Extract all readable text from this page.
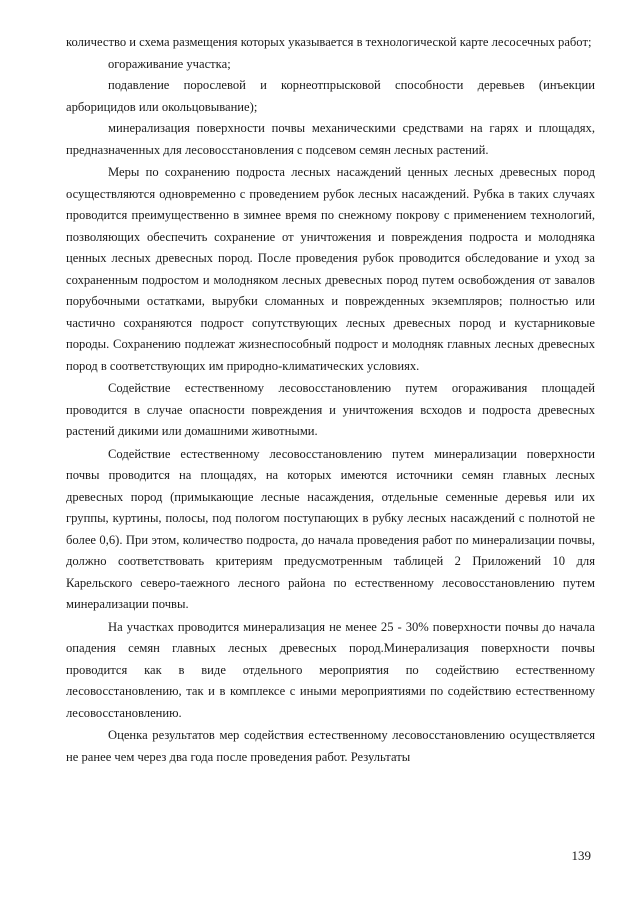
количество и схема размещения которых указывается в технологической карте лесосечных работ;

огораживание участка;

подавление порослевой и корнеотпрысковой способности деревьев (инъекции арборицидов или окольцовывание);

минерализация поверхности почвы механическими средствами на гарях и площадях, предназначенных для лесовосстановления с подсевом семян лесных растений.

Меры по сохранению подроста лесных насаждений ценных лесных древесных пород осуществляются одновременно с проведением рубок лесных насаждений. Рубка в таких случаях проводится преимущественно в зимнее время по снежному покрову с применением технологий, позволяющих обеспечить сохранение от уничтожения и повреждения подроста и молодняка ценных лесных древесных пород. После проведения рубок проводится обследование и уход за сохраненным подростом и молодняком лесных древесных пород путем освобождения от завалов порубочными остатками, вырубки сломанных и поврежденных экземпляров; полностью или частично сохраняются подрост сопутствующих лесных древесных пород и кустарниковые породы. Сохранению подлежат жизнеспособный подрост и молодняк главных лесных древесных пород в соответствующих им природно-климатических условиях.

Содействие естественному лесовосстановлению путем огораживания площадей проводится в случае опасности повреждения и уничтожения всходов и подроста древесных растений дикими или домашними животными.

Содействие естественному лесовосстановлению путем минерализации поверхности почвы проводится на площадях, на которых имеются источники семян главных лесных древесных пород (примыкающие лесные насаждения, отдельные семенные деревья или их группы, куртины, полосы, под пологом поступающих в рубку лесных насаждений с полнотой не более 0,6). При этом, количество подроста, до начала проведения работ по минерализации почвы, должно соответствовать критериям предусмотренным таблицей 2 Приложений 10 для Карельского северо-таежного лесного района по естественному лесовосстановлению путем минерализации почвы.

На участках проводится минерализация не менее 25 - 30% поверхности почвы до начала опадения семян главных лесных древесных пород.Минерализация поверхности почвы проводится как в виде отдельного мероприятия по содействию естественному лесовосстановлению, так и в комплексе с иными мероприятиями по содействию естественному лесовосстановлению.

Оценка результатов мер содействия естественному лесовосстановлению осуществляется не ранее чем через два года после проведения работ. Результаты

139
